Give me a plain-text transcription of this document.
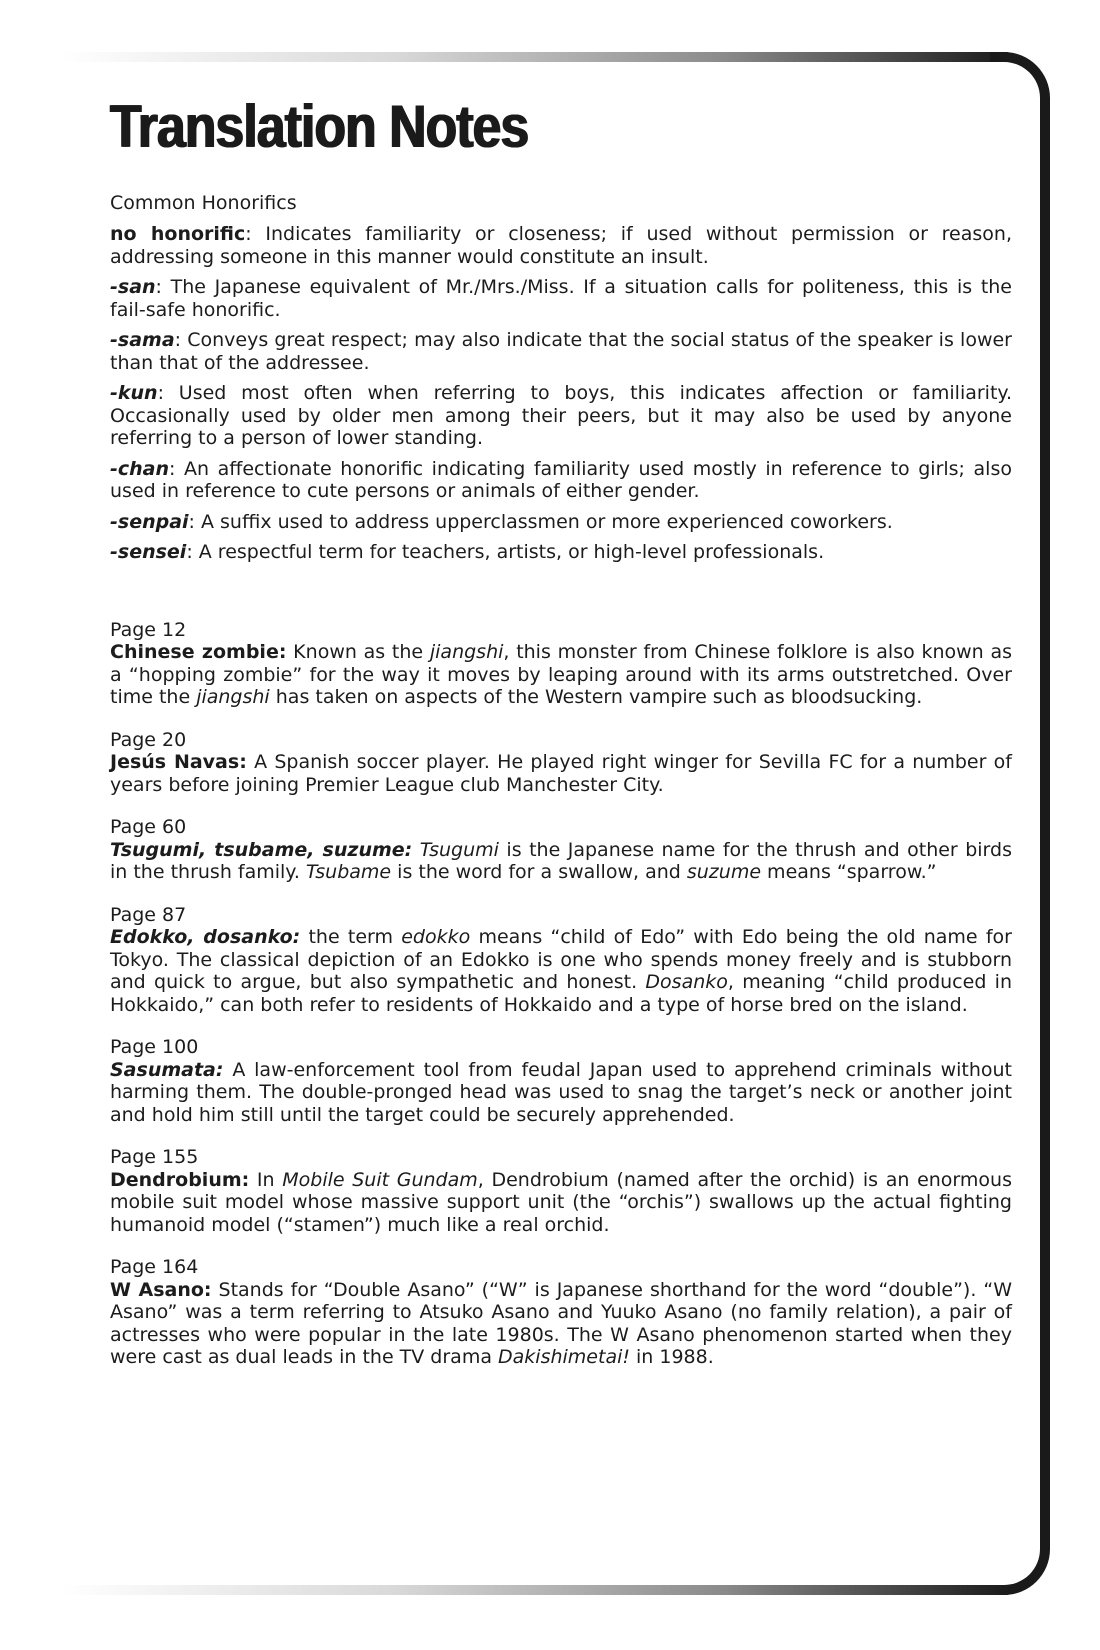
Translation Notes
Common Honorifics
no honorific: Indicates familiarity or closeness; if used without permission or reason, addressing someone in this manner would constitute an insult.
-san: The Japanese equivalent of Mr./Mrs./Miss. If a situation calls for politeness, this is the fail-safe honorific.
-sama: Conveys great respect; may also indicate that the social status of the speaker is lower than that of the addressee.
-kun: Used most often when referring to boys, this indicates affection or familiarity. Occasionally used by older men among their peers, but it may also be used by anyone referring to a person of lower standing.
-chan: An affectionate honorific indicating familiarity used mostly in reference to girls; also used in reference to cute persons or animals of either gender.
-senpai: A suffix used to address upperclassmen or more experienced coworkers.
-sensei: A respectful term for teachers, artists, or high-level professionals.
Page 12
Chinese zombie: Known as the jiangshi, this monster from Chinese folklore is also known as a “hopping zombie” for the way it moves by leaping around with its arms outstretched. Over time the jiangshi has taken on aspects of the Western vampire such as bloodsucking.
Page 20
Jesús Navas: A Spanish soccer player. He played right winger for Sevilla FC for a number of years before joining Premier League club Manchester City.
Page 60
Tsugumi, tsubame, suzume: Tsugumi is the Japanese name for the thrush and other birds in the thrush family. Tsubame is the word for a swallow, and suzume means “sparrow.”
Page 87
Edokko, dosanko: the term edokko means “child of Edo” with Edo being the old name for Tokyo. The classical depiction of an Edokko is one who spends money freely and is stubborn and quick to argue, but also sympathetic and honest. Dosanko, meaning “child produced in Hokkaido,” can both refer to residents of Hokkaido and a type of horse bred on the island.
Page 100
Sasumata: A law-enforcement tool from feudal Japan used to apprehend criminals without harming them. The double-pronged head was used to snag the target’s neck or another joint and hold him still until the target could be securely apprehended.
Page 155
Dendrobium: In Mobile Suit Gundam, Dendrobium (named after the orchid) is an enormous mobile suit model whose massive support unit (the “orchis”) swallows up the actual fighting humanoid model (“stamen”) much like a real orchid.
Page 164
W Asano: Stands for “Double Asano” (“W” is Japanese shorthand for the word “double”). “W Asano” was a term referring to Atsuko Asano and Yuuko Asano (no family relation), a pair of actresses who were popular in the late 1980s. The W Asano phenomenon started when they were cast as dual leads in the TV drama Dakishimetai! in 1988.
